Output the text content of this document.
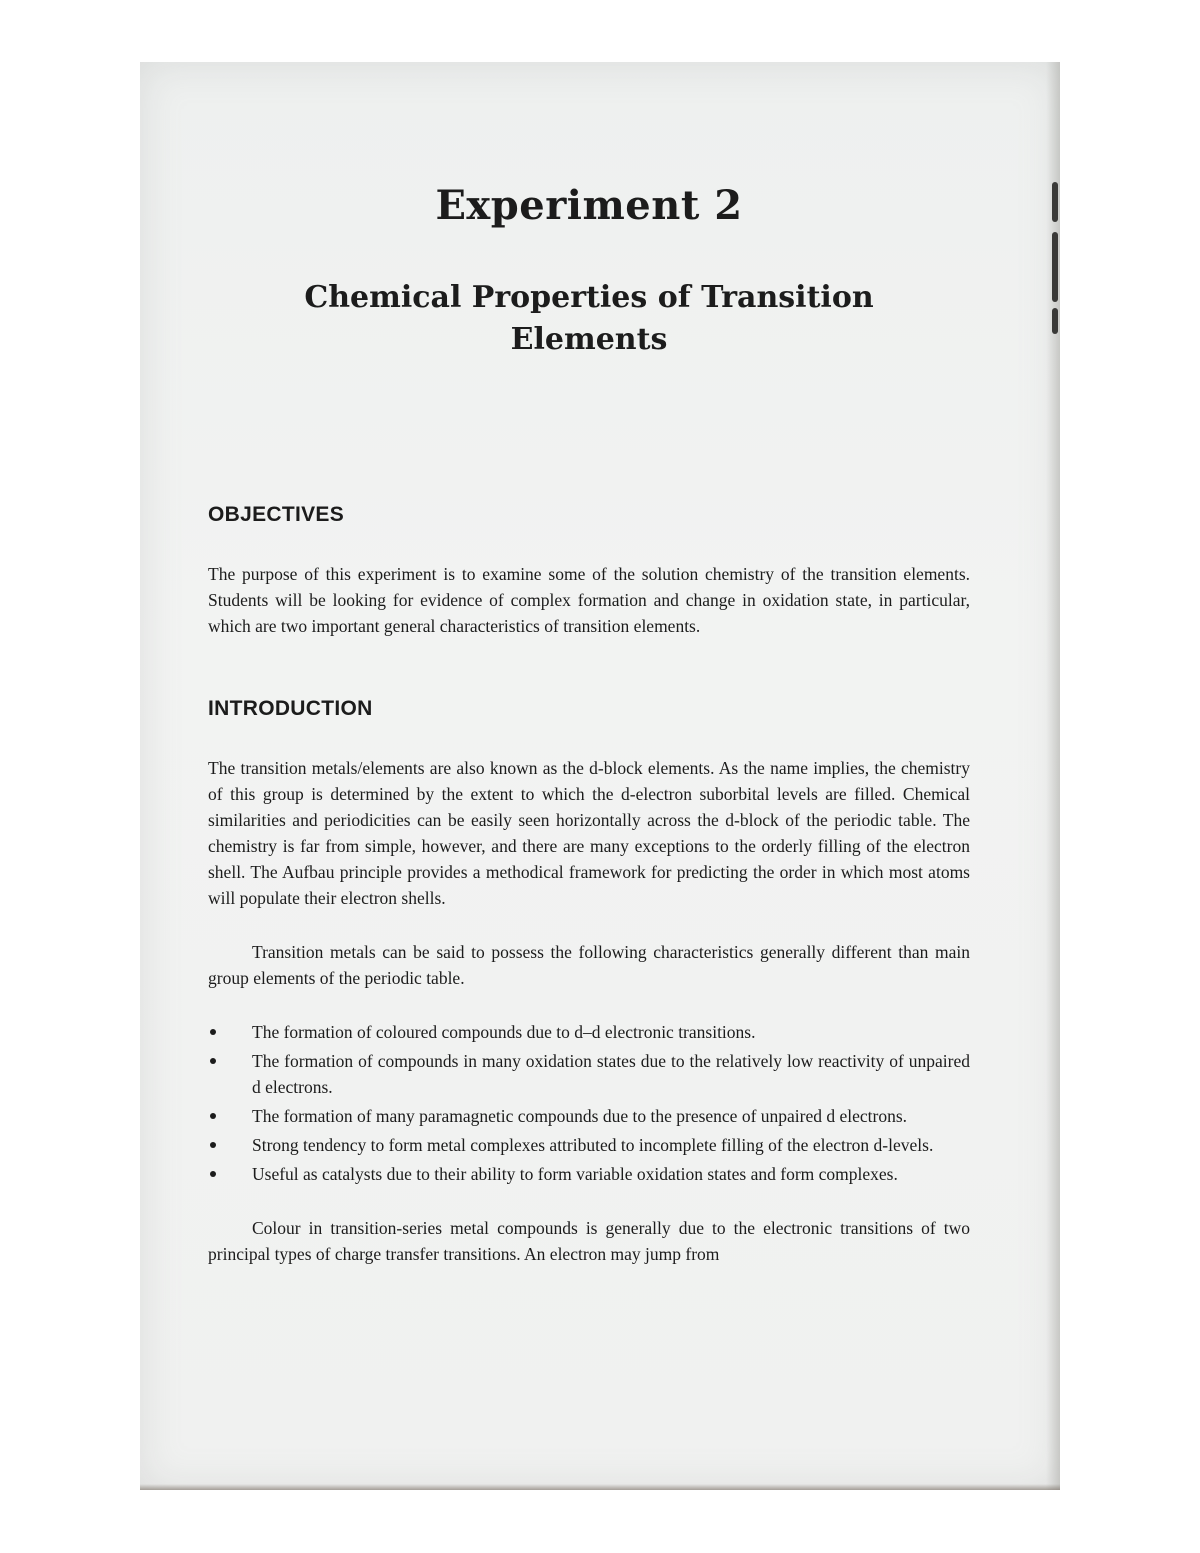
Experiment 2
Chemical Properties of Transition Elements
OBJECTIVES

The purpose of this experiment is to examine some of the solution chemistry of the transition elements. Students will be looking for evidence of complex formation and change in oxidation state, in particular, which are two important general characteristics of transition elements.

INTRODUCTION

The transition metals/elements are also known as the d-block elements. As the name implies, the chemistry of this group is determined by the extent to which the d-electron suborbital levels are filled. Chemical similarities and periodicities can be easily seen horizontally across the d-block of the periodic table. The chemistry is far from simple, however, and there are many exceptions to the orderly filling of the electron shell. The Aufbau principle provides a methodical framework for predicting the order in which most atoms will populate their electron shells.

Transition metals can be said to possess the following characteristics generally different than main group elements of the periodic table.

The formation of coloured compounds due to d–d electronic transitions.
The formation of compounds in many oxidation states due to the relatively low reactivity of unpaired d electrons.
The formation of many paramagnetic compounds due to the presence of unpaired d electrons.
Strong tendency to form metal complexes attributed to incomplete filling of the electron d-levels.
Useful as catalysts due to their ability to form variable oxidation states and form complexes.

Colour in transition-series metal compounds is generally due to the electronic transitions of two principal types of charge transfer transitions. An electron may jump from
